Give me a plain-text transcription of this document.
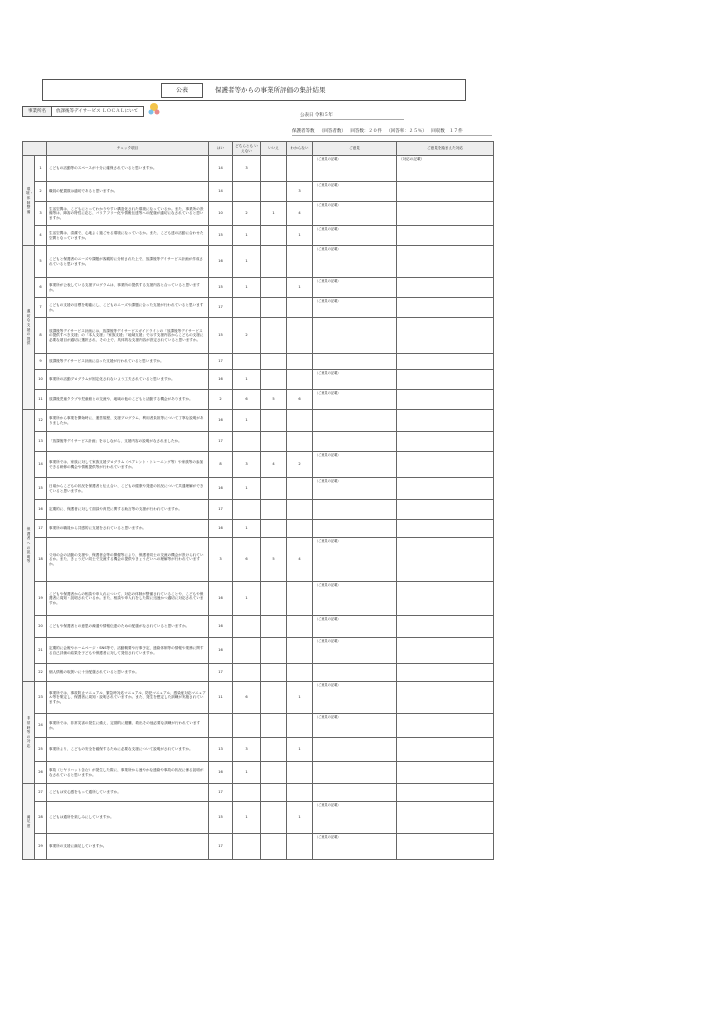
公表	保護者等からの事業所評価の集計結果
事業所名	放課後等デイサービス ＬＯＣＡＬにいて
公表日 令和５年
保護者等数 （回答者数） 回答数：２０件 （回答率：２５％） 回収数 １７件
		チェック項目	はい	どちらとも いえない	いいえ	わからない	ご意見	ご意見を踏まえた対応
環境・体制整備	1	こどもの活動等のスペースが十分に確保されていると思いますか。	14	3			（ご意見の記載）	（対応の記載）
	2	職員の配置数は適切であると思いますか。	14			3	（ご意見の記載）	
	3	生活空間は、こどもにとってわかりやすい構造化された環境になっているか。また、事業所の設備等は、障害の特性に応じ、バリアフリー化や情報伝達等への配慮が適切になされていると思いますか。	10	2	1	4	（ご意見の記載）	
	4	生活空間は、清潔で、心地よく過ごせる環境になっているか。また、こども達の活動に合わせた空間となっていますか。	15	1		1	（ご意見の記載）	
適切な支援の提供	5	こどもと保護者のニーズや課題が客観的に分析された上で、放課後等デイサービス計画が作成されていると思いますか。	16	1			（ご意見の記載）	
	6	事業所が公表している支援プログラムは、事業所の提供する支援内容と合っていると思いますか。	15	1		1	（ご意見の記載）	
	7	こどもの支援の目標を明確にし、こどものニーズや課題に合った支援が行われていると思いますか。	17				（ご意見の記載）	
	8	放課後等デイサービス計画には、放課後等デイサービスガイドラインの「放課後等デイサービスの提供すべき支援」の「本人支援」「家族支援」「地域支援」で示す支援内容からこどもの支援に必要な項目が適切に選択され、その上で、具体的な支援内容が設定されていると思いますか。	15	2				
	9	放課後等デイサービス計画に沿った支援が行われていると思いますか。	17					
	10	事業所の活動プログラムが固定化されないよう工夫されていると思いますか。	16	1			（ご意見の記載）	
	11	放課後児童クラブや児童館との交流や、地域の他のこどもと活動する機会がありますか。	2	6	5	6	（ご意見の記載）	
保護者への説明等	12	事業所から事業を開始時に、運営規程、支援プログラム、利用者負担等について丁寧な説明がありましたか。	16	1				
	13	「放課後等デイサービス計画」を示しながら、支援内容の説明がなされましたか。	17					
	14	事業所では、家族に対して家族支援プログラム（ペアレント・トレーニング等）や家族等の参加できる研修の機会や情報提供等が行われていますか。	8	3	4	2	（ご意見の記載）	
	15	日頃からこどもの状況を保護者と伝え合い、こどもの健康や発達の状況について共通理解ができていると思いますか。	16	1			（ご意見の記載）	
	16	定期的に、保護者に対して面談や育児に関する助言等の支援が行われていますか。	17					
	17	事業所の職員から共感的に支援をされていると思いますか。	16	1				
	18	父母の会の活動の支援や、保護者会等の開催等により、保護者同士の交流の機会が設けられているか。また、きょうだい同士で交流する機会の提供やきょうだいへの理解等が行われていますか。	3	6	5	4	（ご意見の記載）	
	19	こどもや保護者からの相談や申入れについて、対応の体制が整備されていることや、こどもや保護者に周知・説明されているか。また、相談や申入れをした際に迅速かつ適切に対応されていますか。	16	1			（ご意見の記載）	
	20	こどもや保護者との意思の疎通や情報伝達のための配慮がなされていると思いますか。	16				（ご意見の記載）	
	21	定期的に会報やホームページ・SNS等で、活動概要や行事予定、連絡体制等の情報や業務に関する自己評価の結果を子どもや保護者に対して発信されていますか。	16				（ご意見の記載）	
	22	個人情報の取扱いに十分配慮されていると思いますか。	17					
非常時等の対応	23	事業所では、事故防止マニュアル、緊急時対応マニュアル、防犯マニュアル、感染症対応マニュアル等を策定し、保護者に周知・説明されていますか。また、発生を想定した訓練が実施されていますか。	11	6		1	（ご意見の記載）	
	24	事業所では、非常災害の発生に備え、定期的に避難、救出その他必要な訓練が行われていますか。					（ご意見の記載）	
	25	事業所より、こどもの安全を確保するために必要な支援について説明がされていますか。	13	3		1		
	26	事故（ヒヤリハット含む）が発生した際に、事業所から速やかな連絡や事故の状況に係る説明がなされていると思いますか。	16	1				
満足度	27	こどもは安心感をもって通所していますか。	17					
	28	こどもは通所を楽しみにしていますか。	15	1		1	（ご意見の記載）	
	29	事業所の支援に満足していますか。	17				（ご意見の記載）	
